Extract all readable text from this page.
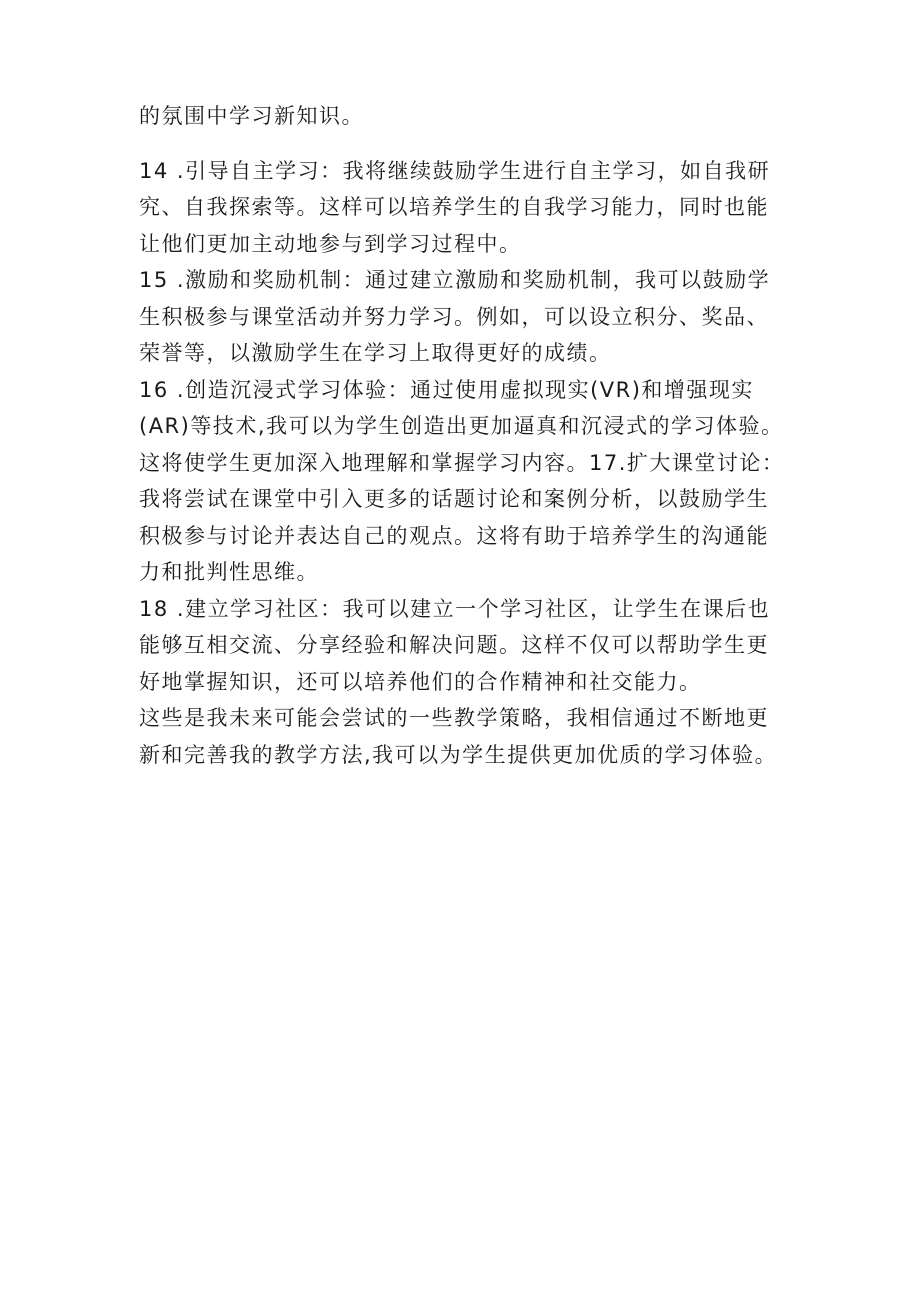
的氛围中学习新知识。

14 .引导自主学习：我将继续鼓励学生进行自主学习，如自我研
究、自我探索等。这样可以培养学生的自我学习能力，同时也能
让他们更加主动地参与到学习过程中。

15 .激励和奖励机制：通过建立激励和奖励机制，我可以鼓励学
生积极参与课堂活动并努力学习。例如，可以设立积分、奖品、
荣誉等，以激励学生在学习上取得更好的成绩。

16 .创造沉浸式学习体验：通过使用虚拟现实(VR)和增强现实
(AR)等技术,我可以为学生创造出更加逼真和沉浸式的学习体验。
这将使学生更加深入地理解和掌握学习内容。17.扩大课堂讨论：
我将尝试在课堂中引入更多的话题讨论和案例分析，以鼓励学生
积极参与讨论并表达自己的观点。这将有助于培养学生的沟通能
力和批判性思维。

18 .建立学习社区：我可以建立一个学习社区，让学生在课后也
能够互相交流、分享经验和解决问题。这样不仅可以帮助学生更
好地掌握知识，还可以培养他们的合作精神和社交能力。

这些是我未来可能会尝试的一些教学策略，我相信通过不断地更
新和完善我的教学方法,我可以为学生提供更加优质的学习体验。
